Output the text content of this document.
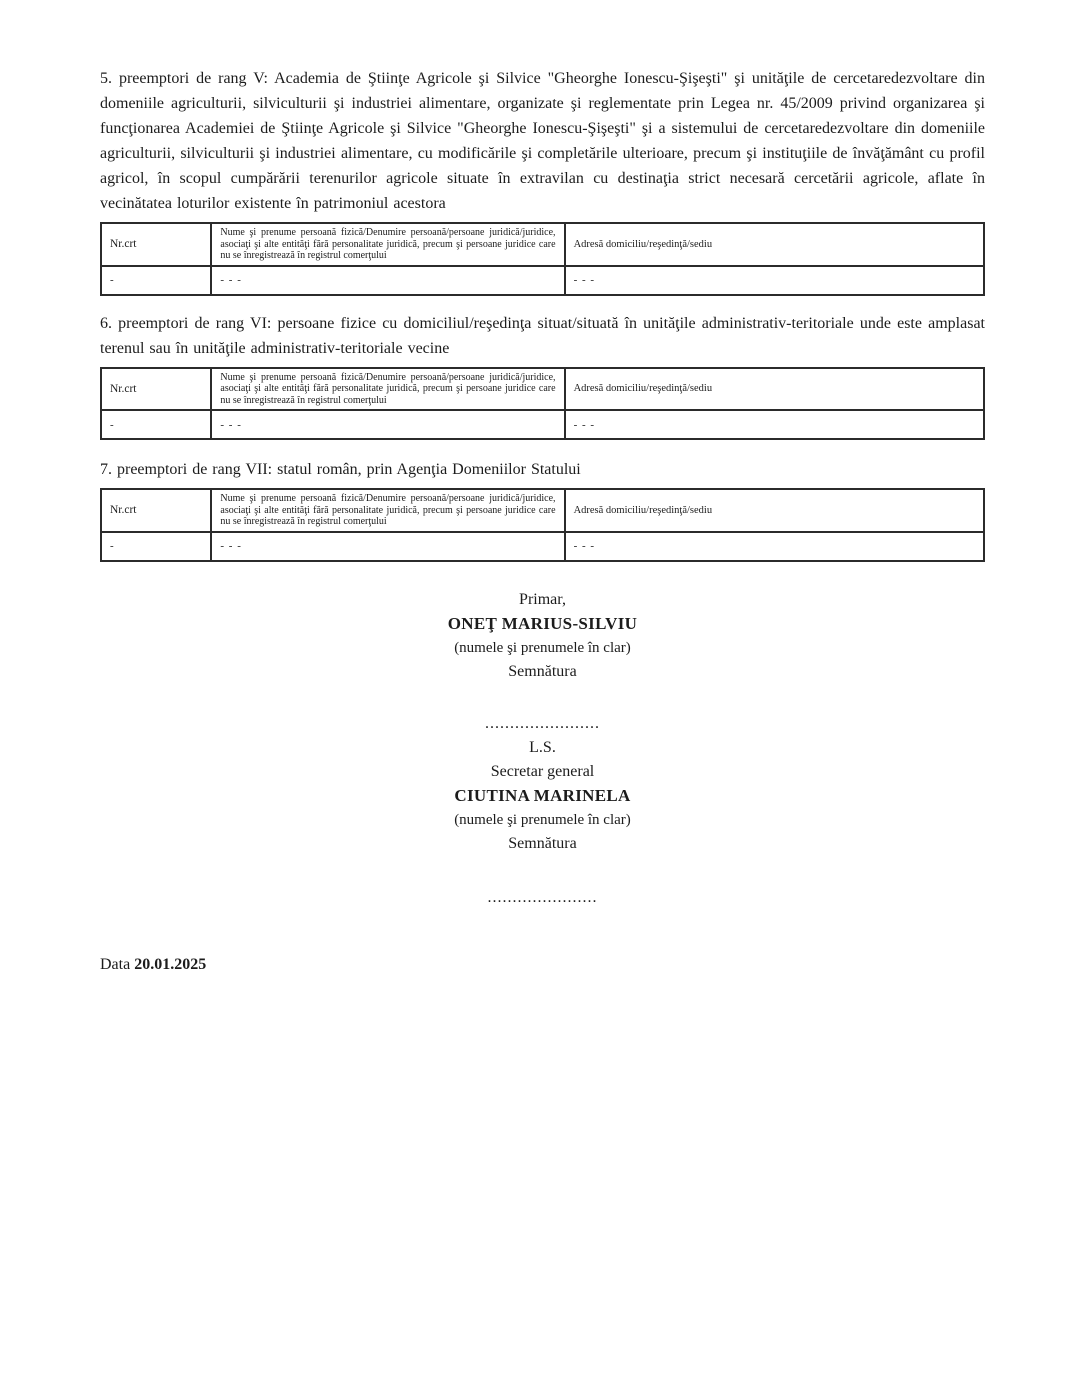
5. preemptori de rang V: Academia de Ştiinţe Agricole şi Silvice "Gheorghe Ionescu-Şişeşti" şi unităţile de cercetaredezvoltare din domeniile agriculturii, silviculturii şi industriei alimentare, organizate şi reglementate prin Legea nr. 45/2009 privind organizarea şi funcţionarea Academiei de Ştiinţe Agricole şi Silvice "Gheorghe Ionescu-Şişeşti" şi a sistemului de cercetaredezvoltare din domeniile agriculturii, silviculturii şi industriei alimentare, cu modificările şi completările ulterioare, precum şi instituţiile de învăţământ cu profil agricol, în scopul cumpărării terenurilor agricole situate în extravilan cu destinaţia strict necesară cercetării agricole, aflate în vecinătatea loturilor existente în patrimoniul acestora

Nr.crt	Nume şi prenume persoană fizică/Denumire persoană/persoane juridică/juridice, asociaţi şi alte entităţi fără personalitate juridică, precum şi persoane juridice care nu se înregistrează în registrul comerţului	Adresă domiciliu/reşedinţă/sediu
-	- - -	- - -

6. preemptori de rang VI: persoane fizice cu domiciliul/reşedinţa situat/situată în unităţile administrativ-teritoriale unde este amplasat terenul sau în unităţile administrativ-teritoriale vecine

Nr.crt	Nume şi prenume persoană fizică/Denumire persoană/persoane juridică/juridice, asociaţi şi alte entităţi fără personalitate juridică, precum şi persoane juridice care nu se înregistrează în registrul comerţului	Adresă domiciliu/reşedinţă/sediu
-	- - -	- - -

7. preemptori de rang VII: statul român, prin Agenţia Domeniilor Statului

Nr.crt	Nume şi prenume persoană fizică/Denumire persoană/persoane juridică/juridice, asociaţi şi alte entităţi fără personalitate juridică, precum şi persoane juridice care nu se înregistrează în registrul comerţului	Adresă domiciliu/reşedinţă/sediu
-	- - -	- - -

Primar,

ONEŢ MARIUS-SILVIU

(numele şi prenumele în clar)

Semnătura

.......................

L.S.

Secretar general

CIUTINA MARINELA

(numele şi prenumele în clar)

Semnătura

......................

Data 20.01.2025
